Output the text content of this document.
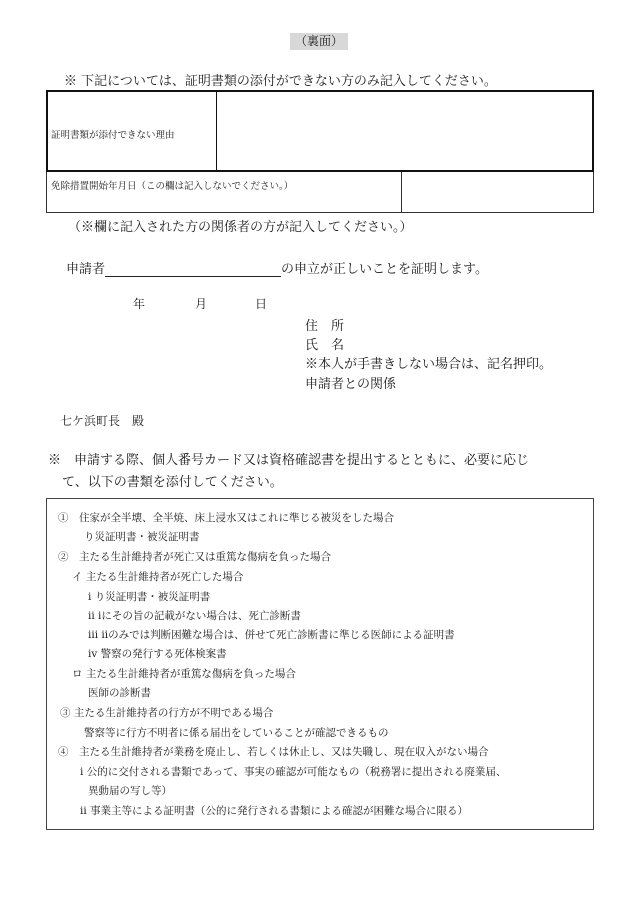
（裏面）
※ 下記については、証明書類の添付ができない方のみ記入してください。
証明書類が添付できない理由
免除措置開始年月日（この欄は記入しないでください。）
（※欄に記入された方の関係者の方が記入してください。）
申請者	の申立が正しいことを証明します。
年	月	日
住　所
氏　名
※本人が手書きしない場合は、記名押印。
申請者との関係
七ケ浜町長　殿
※　申請する際、個人番号カード又は資格確認書を提出するとともに、必要に応じ
て、以下の書類を添付してください。
①　住家が全半壊、全半焼、床上浸水又はこれに準じる被災をした場合
り災証明書・被災証明書
②　主たる生計維持者が死亡又は重篤な傷病を負った場合
イ 主たる生計維持者が死亡した場合
ⅰ り災証明書・被災証明書
ⅱ ⅰにその旨の記載がない場合は、死亡診断書
ⅲ ⅱのみでは判断困難な場合は、併せて死亡診断書に準じる医師による証明書
ⅳ 警察の発行する死体検案書
ロ 主たる生計維持者が重篤な傷病を負った場合
医師の診断書
③ 主たる生計維持者の行方が不明である場合
警察等に行方不明者に係る届出をしていることが確認できるもの
④　主たる生計維持者が業務を廃止し、若しくは休止し、又は失職し、現在収入がない場合
ⅰ 公的に交付される書類であって、事実の確認が可能なもの（税務署に提出される廃業届、
異動届の写し等）
ⅱ 事業主等による証明書（公的に発行される書類による確認が困難な場合に限る）
